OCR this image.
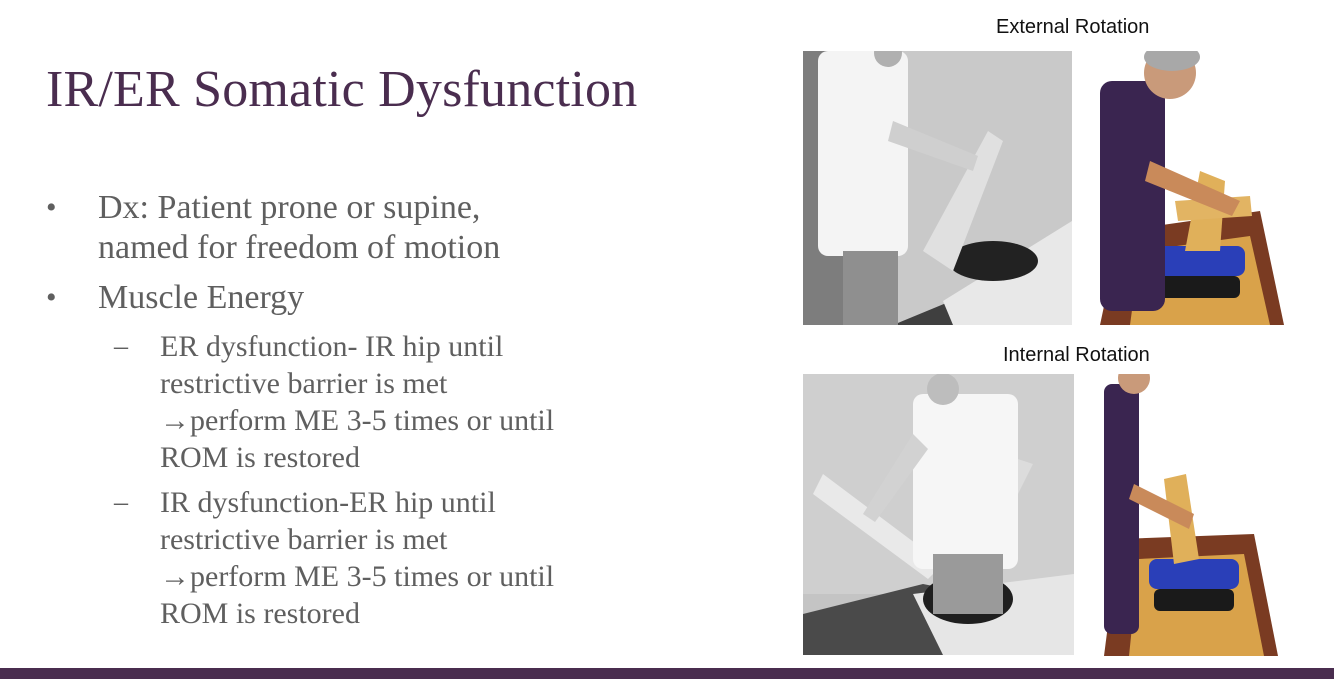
IR/ER Somatic Dysfunction
• Dx: Patient prone or supine,
named for freedom of motion
• Muscle Energy
– ER dysfunction- IR hip until
restrictive barrier is met
→perform ME 3-5 times or until
ROM is restored
– IR dysfunction-ER hip until
restrictive barrier is met
→perform ME 3-5 times or until
ROM is restored
External Rotation
Internal Rotation
